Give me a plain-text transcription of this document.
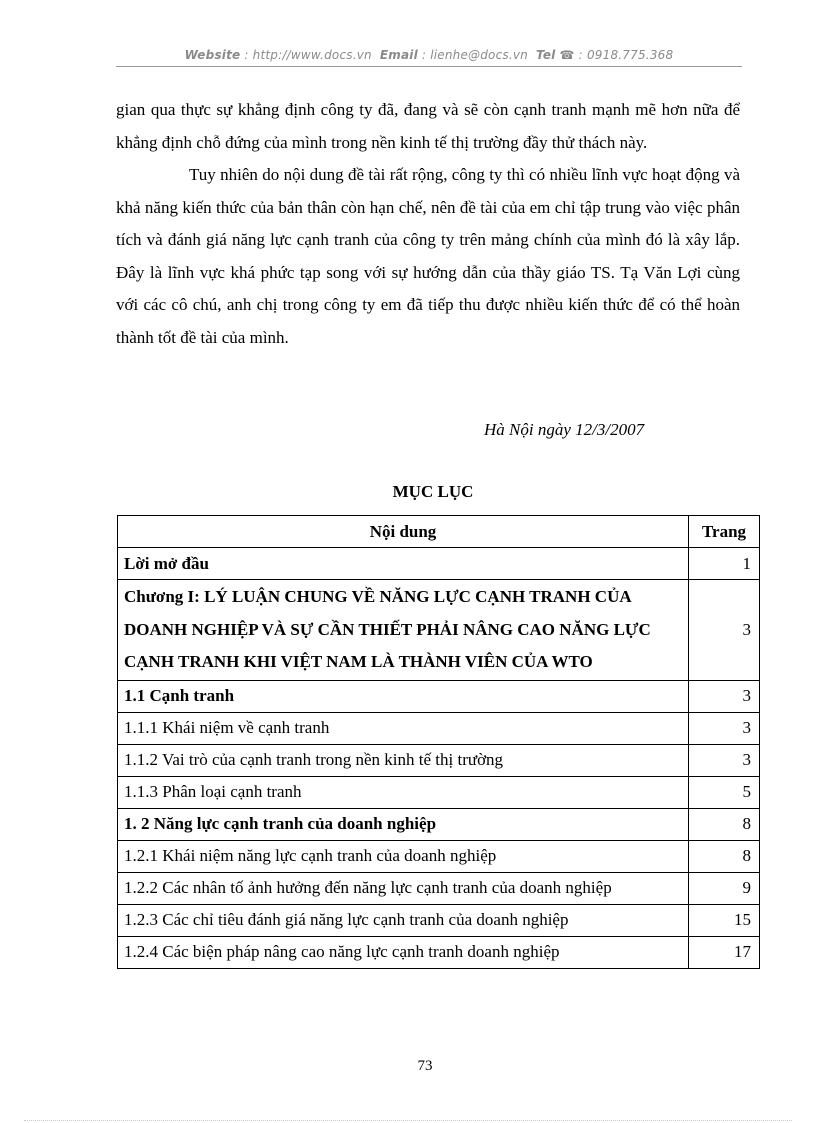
Website : http://www.docs.vn Email : lienhe@docs.vn Tel ☎ : 0918.775.368

gian qua thực sự khẳng định công ty đã, đang và sẽ còn cạnh tranh mạnh mẽ hơn nữa để khẳng định chỗ đứng của mình trong nền kinh tế thị trường đầy thử thách này.

Tuy nhiên do nội dung đề tài rất rộng, công ty thì có nhiều lĩnh vực hoạt động và khả năng kiến thức của bản thân còn hạn chế, nên đề tài của em chỉ tập trung vào việc phân tích và đánh giá năng lực cạnh tranh của công ty trên mảng chính của mình đó là xây lắp. Đây là lĩnh vực khá phức tạp song với sự hướng dẫn của thầy giáo TS. Tạ Văn Lợi cùng với các cô chú, anh chị trong công ty em đã tiếp thu được nhiều kiến thức để có thể hoàn thành tốt đề tài của mình.

Hà Nội ngày 12/3/2007
MỤC LỤC
Nội dung	Trang
Lời mở đầu	1
Chương I: LÝ LUẬN CHUNG VỀ NĂNG LỰC CẠNH TRANH CỦA DOANH NGHIỆP VÀ SỰ CẦN THIẾT PHẢI NÂNG CAO NĂNG LỰC CẠNH TRANH KHI VIỆT NAM LÀ THÀNH VIÊN CỦA WTO	3
1.1 Cạnh tranh	3
1.1.1 Khái niệm về cạnh tranh	3
1.1.2 Vai trò của cạnh tranh trong nền kinh tế thị trường	3
1.1.3 Phân loại cạnh tranh	5
1. 2 Năng lực cạnh tranh của doanh nghiệp	8
1.2.1 Khái niệm năng lực cạnh tranh của doanh nghiệp	8
1.2.2 Các nhân tố ảnh hưởng đến năng lực cạnh tranh của doanh nghiệp	9
1.2.3 Các chỉ tiêu đánh giá năng lực cạnh tranh của doanh nghiệp	15
1.2.4 Các biện pháp nâng cao năng lực cạnh tranh doanh nghiệp	17
73
